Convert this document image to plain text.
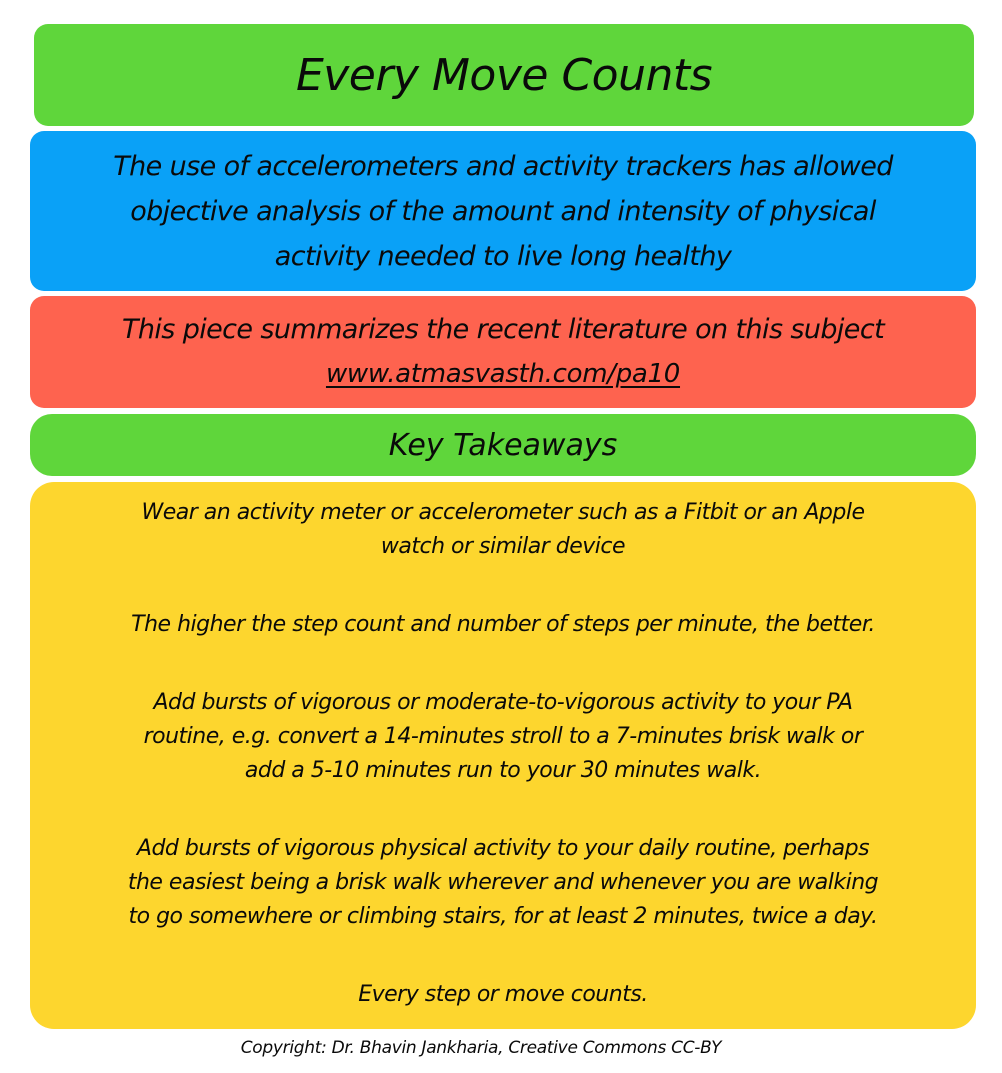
Every Move Counts
The use of accelerometers and activity trackers has allowed
objective analysis of the amount and intensity of physical
activity needed to live long healthy
This piece summarizes the recent literature on this subject
www.atmasvasth.com/pa10
Key Takeaways
Wear an activity meter or accelerometer such as a Fitbit or an Apple
watch or similar device
The higher the step count and number of steps per minute, the better.
Add bursts of vigorous or moderate-to-vigorous activity to your PA
routine, e.g. convert a 14-minutes stroll to a 7-minutes brisk walk or
add a 5-10 minutes run to your 30 minutes walk.
Add bursts of vigorous physical activity to your daily routine, perhaps
the easiest being a brisk walk wherever and whenever you are walking
to go somewhere or climbing stairs, for at least 2 minutes, twice a day.
Every step or move counts.
Copyright: Dr. Bhavin Jankharia, Creative Commons CC-BY
